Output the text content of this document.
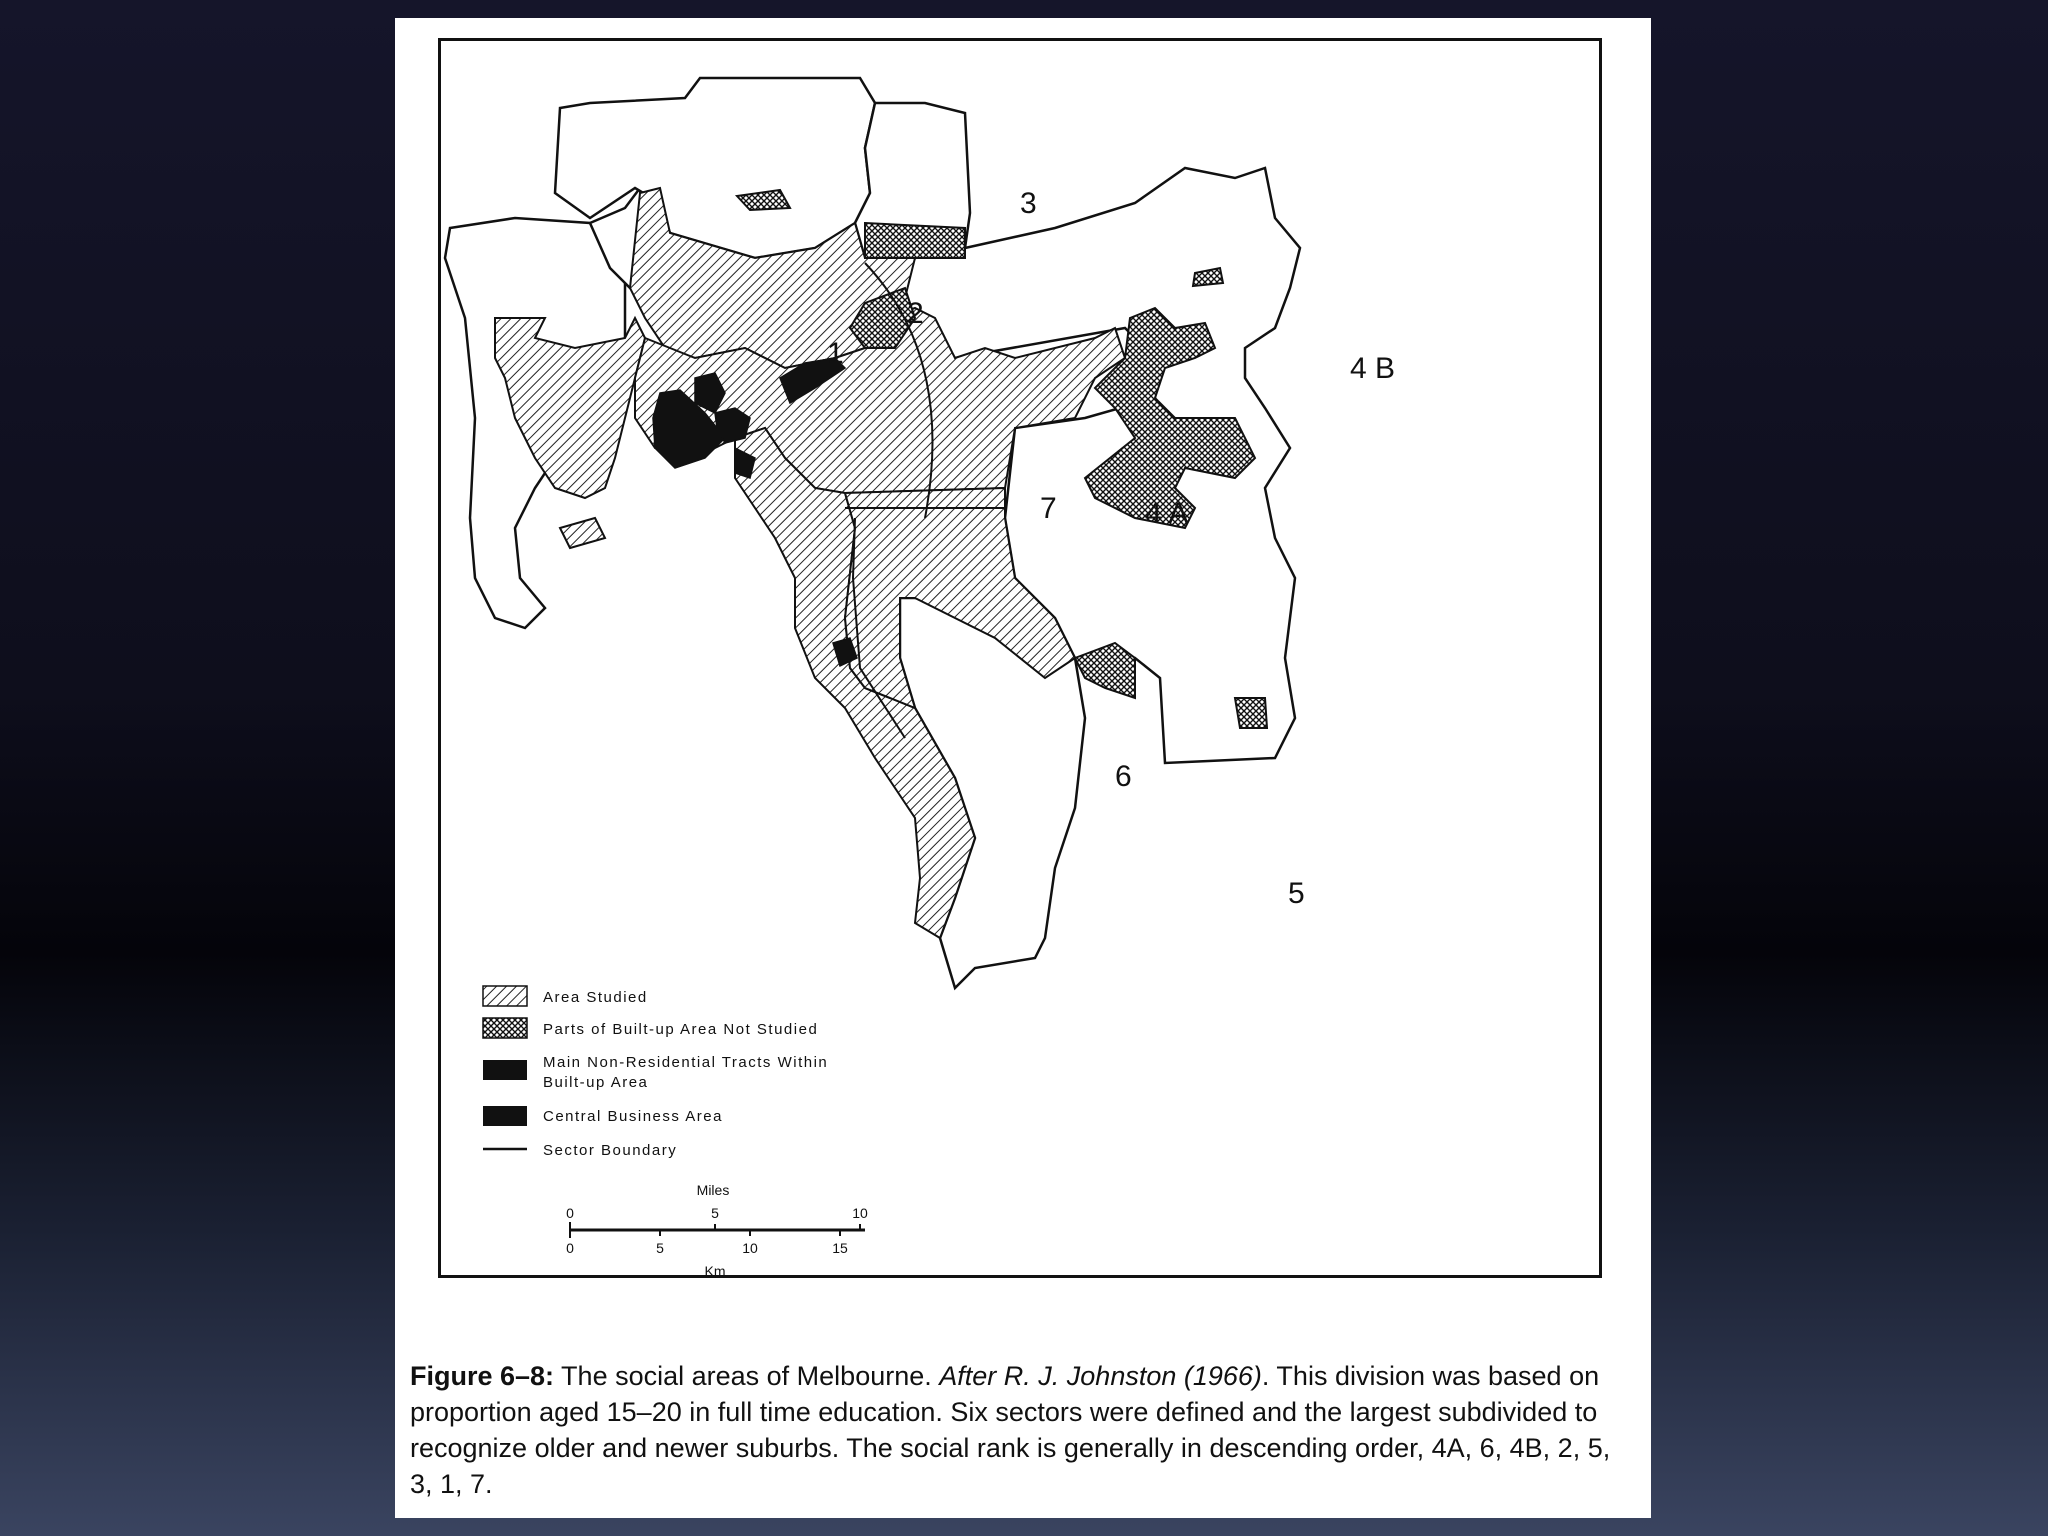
1
2
3
4 A
4 B
5
6
7
Area Studied
Parts of Built-up Area Not Studied
Main Non-Residential Tracts Within
Built-up Area
Central Business Area
Sector Boundary
Miles
0	5	10
0	5	10	15
Km
Figure 6–8: The social areas of Melbourne. After R. J. Johnston (1966). This division was based on proportion aged 15–20 in full time education. Six sectors were defined and the largest subdivided to recognize older and newer suburbs. The social rank is generally in descending order, 4A, 6, 4B, 2, 5, 3, 1, 7.
